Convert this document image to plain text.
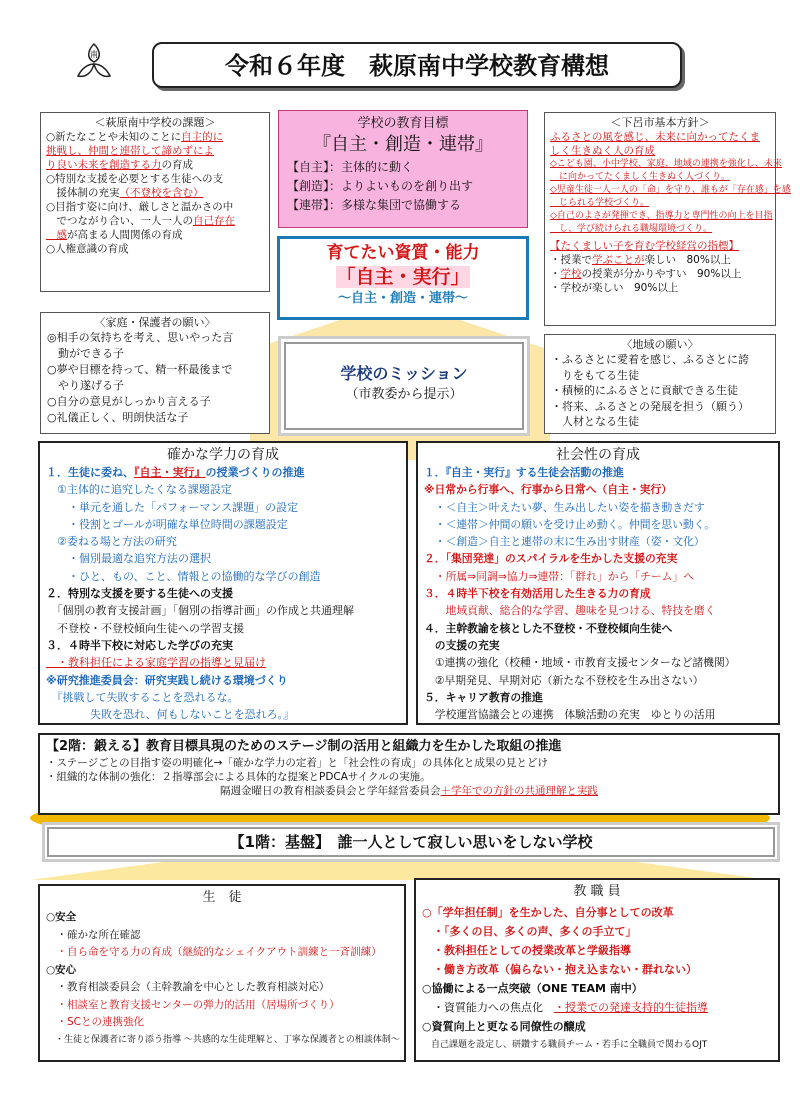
南	令和６年度　萩原南中学校教育構想
＜萩原南中学校の課題＞
○新たなことや未知のことに自主的に
挑戦し、仲間と連帯して諦めずによ
り良い未来を創造する力の育成
○特別な支援を必要とする生徒への支
　援体制の充実（不登校を含む）
○目指す姿に向け、厳しさと温かさの中
　でつながり合い、一人一人の自己存在
　感が高まる人間関係の育成
○人権意識の育成
学校の教育目標
『自主・創造・連帯』
【自主】：主体的に動く
【創造】：よりよいものを創り出す
【連帯】：多様な集団で協働する
＜下呂市基本方針＞
ふるさとの風を感じ、未来に向かってたくま
しく生きぬく人の育成
◇こども園、小中学校、家庭、地域の連携を強化し、未来
　に向かってたくましく生きぬく人づくり。
◇児童生徒一人一人の「命」を守り、誰もが「存在感」を感
　じられる学校づくり。
◇自己のよさが発揮でき、指導力と専門性の向上を目指
　し、学び続けられる職場環境づくり。
【たくましい子を育む学校経営の指標】
・授業で学ぶことが楽しい　80%以上
・学校の授業が分かりやすい　90%以上
・学校が楽しい　90%以上
育てたい資質・能力
「自主・実行」
～自主・創造・連帯～
〈家庭・保護者の願い〉
◎相手の気持ちを考え、思いやった言
　動ができる子
○夢や目標を持って、精一杯最後まで
　やり遂げる子
○自分の意見がしっかり言える子
○礼儀正しく、明朗快活な子
学校のミッション
（市教委から提示）
〈地域の願い〉
・ふるさとに愛着を感じ、ふるさとに誇
　りをもてる生徒
・積極的にふるさとに貢献できる生徒
・将来、ふるさとの発展を担う（願う）
　人材となる生徒
確かな学力の育成
１．生徒に委ね、『自主・実行』の授業づくりの推進
　①主体的に追究したくなる課題設定
　　・単元を通した「パフォーマンス課題」の設定
　　・役割とゴールが明確な単位時間の課題設定
　②委ねる場と方法の研究
　　・個別最適な追究方法の選択
　　・ひと、もの、こと、情報との協働的な学びの創造
２．特別な支援を要する生徒への支援
　「個別の教育支援計画」「個別の指導計画」の作成と共通理解
　不登校・不登校傾向生徒への学習支援
３．４時半下校に対応した学びの充実
　・教科担任による家庭学習の指導と見届け
※研究推進委員会：研究実践し続ける環境づくり
　『挑戦して失敗することを恐れるな。
　　　　失敗を恐れ、何もしないことを恐れろ。』
社会性の育成
１．『自主・実行』する生徒会活動の推進
※日常から行事へ、行事から日常へ（自主・実行）
　・＜自主＞叶えたい夢、生み出したい姿を描き動きだす
　・＜連帯＞仲間の願いを受け止め動く。仲間を思い動く。
　・＜創造＞自主と連帯の末に生み出す財産（姿・文化）
２．「集団発達」のスパイラルを生かした支援の充実
　・所属⇒同調⇒協力⇒連帯：「群れ」から「チーム」へ
３．４時半下校を有効活用した生きる力の育成
　　地域貢献、総合的な学習、趣味を見つける、特技を磨く
４．主幹教諭を核とした不登校・不登校傾向生徒へ
　の支援の充実
　①連携の強化（校種・地域・市教育支援センターなど諸機関）
　②早期発見、早期対応（新たな不登校を生み出さない）
５．キャリア教育の推進
　学校運営協議会との連携　体験活動の充実　ゆとりの活用
【2階：鍛える】教育目標具現のためのステージ制の活用と組織力を生かした取組の推進
・ステージごとの目指す姿の明確化→「確かな学力の定着」と「社会性の育成」の具体化と成果の見とどけ
・組織的な体制の強化：２指導部会による具体的な提案とPDCAサイクルの実施。
隔週金曜日の教育相談委員会と学年経営委員会＋学年での方針の共通理解と実践
【1階：基盤】　誰一人として寂しい思いをしない学校
生　徒
○安全
　・確かな所在確認
　・自ら命を守る力の育成（継続的なシェイクアウト訓練と一斉訓練）
○安心
　・教育相談委員会（主幹教諭を中心とした教育相談対応）
　・相談室と教育支援センターの弾力的活用（居場所づくり）
　・SCとの連携強化
　・生徒と保護者に寄り添う指導 ～共感的な生徒理解と、丁寧な保護者との相談体制～
教 職 員
○「学年担任制」を生かした、自分事としての改革
　・「多くの目、多くの声、多くの手立て」
　・教科担任としての授業改革と学級指導
　・働き方改革（偏らない・抱え込まない・群れない）
○協働による一点突破（ONE TEAM 南中）
　・資質能力への焦点化　・授業での発達支持的生徒指導
○資質向上と更なる同僚性の醸成
　自己課題を設定し、研鑽する職員チーム・若手に全職員で関わるOJT
